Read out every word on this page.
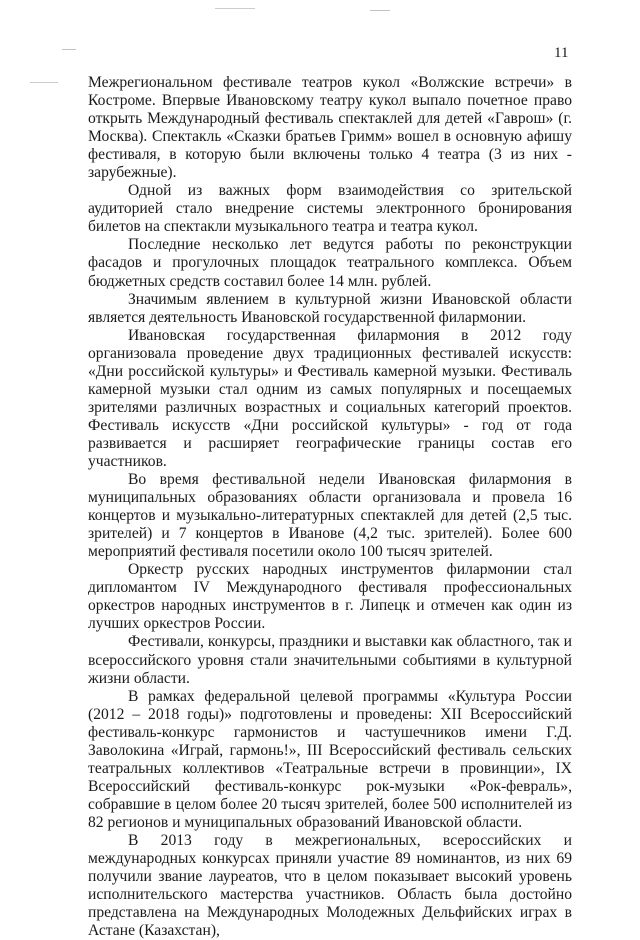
11

Межрегиональном фестивале театров кукол «Волжские встречи» в Костроме. Впервые Ивановскому театру кукол выпало почетное право открыть Международный фестиваль спектаклей для детей «Гаврош» (г. Москва). Спектакль «Сказки братьев Гримм» вошел в основную афишу фестиваля, в которую были включены только 4 театра (3 из них - зарубежные).

Одной из важных форм взаимодействия со зрительской аудиторией стало внедрение системы электронного бронирования билетов на спектакли музыкального театра и театра кукол.

Последние несколько лет ведутся работы по реконструкции фасадов и прогулочных площадок театрального комплекса. Объем бюджетных средств составил более 14 млн. рублей.

Значимым явлением в культурной жизни Ивановской области является деятельность Ивановской государственной филармонии.

Ивановская государственная филармония в 2012 году организовала проведение двух традиционных фестивалей искусств: «Дни российской культуры» и Фестиваль камерной музыки. Фестиваль камерной музыки стал одним из самых популярных и посещаемых зрителями различных возрастных и социальных категорий проектов. Фестиваль искусств «Дни российской культуры» - год от года развивается и расширяет географические границы состав его участников.

Во время фестивальной недели Ивановская филармония в муниципальных образованиях области организовала и провела 16 концертов и музыкально-литературных спектаклей для детей (2,5 тыс. зрителей) и 7 концертов в Иванове (4,2 тыс. зрителей). Более 600 мероприятий фестиваля посетили около 100 тысяч зрителей.

Оркестр русских народных инструментов филармонии стал дипломантом IV Международного фестиваля профессиональных оркестров народных инструментов в г. Липецк и отмечен как один из лучших оркестров России.

Фестивали, конкурсы, праздники и выставки как областного, так и всероссийского уровня стали значительными событиями в культурной жизни области.

В рамках федеральной целевой программы «Культура России (2012 – 2018 годы)» подготовлены и проведены: XII Всероссийский фестиваль-конкурс гармонистов и частушечников имени Г.Д. Заволокина «Играй, гармонь!», III Всероссийский фестиваль сельских театральных коллективов «Театральные встречи в провинции», IX Всероссийский фестиваль-конкурс рок-музыки «Рок-февраль», собравшие в целом более 20 тысяч зрителей, более 500 исполнителей из 82 регионов и муниципальных образований Ивановской области.

В 2013 году в межрегиональных, всероссийских и международных конкурсах приняли участие 89 номинантов, из них 69 получили звание лауреатов, что в целом показывает высокий уровень исполнительского мастерства участников. Область была достойно представлена на Международных Молодежных Дельфийских играх в Астане (Казахстан),
